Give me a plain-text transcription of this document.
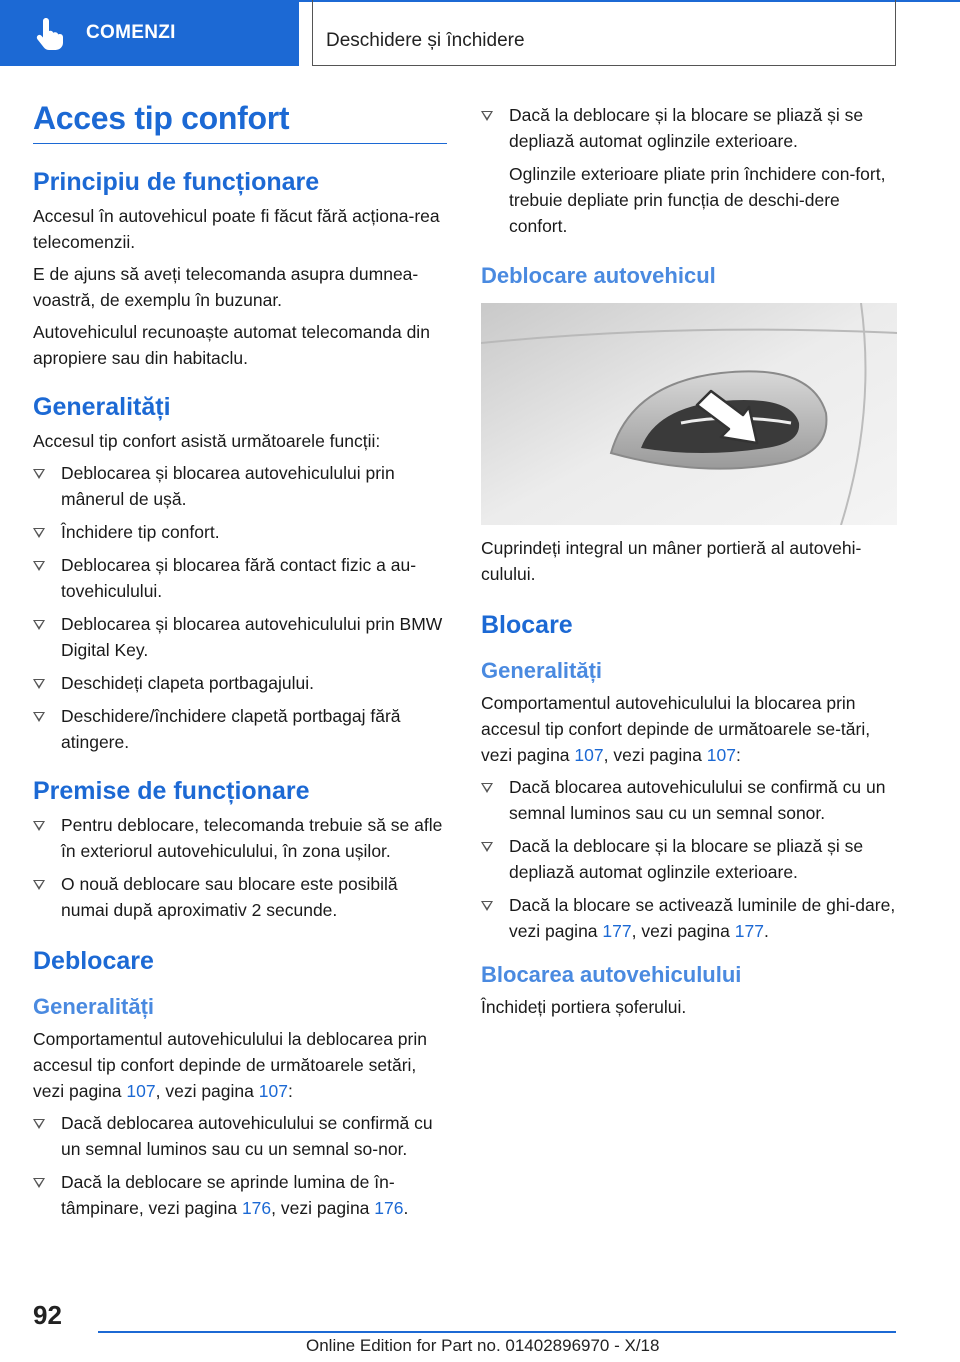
COMENZI	Deschidere și închidere
Acces tip confort
Principiu de funcționare

Accesul în autovehicul poate fi făcut fără acționa-rea telecomenzii.

E de ajuns să aveți telecomanda asupra dumnea-voastră, de exemplu în buzunar.

Autovehiculul recunoaște automat telecomanda din apropiere sau din habitaclu.

Generalități

Accesul tip confort asistă următoarele funcții:

Deblocarea și blocarea autovehiculului prin mânerul de ușă.
Închidere tip confort.
Deblocarea și blocarea fără contact fizic a au-tovehiculului.
Deblocarea și blocarea autovehiculului prin BMW Digital Key.
Deschideți clapeta portbagajului.
Deschidere/închidere clapetă portbagaj fără atingere.
Premise de funcționare
Pentru deblocare, telecomanda trebuie să se afle în exteriorul autovehiculului, în zona ușilor.
O nouă deblocare sau blocare este posibilă numai după aproximativ 2 secunde.
Deblocare
Generalități

Comportamentul autovehiculului la deblocarea prin accesul tip confort depinde de următoarele setări, vezi pagina 107, vezi pagina 107:

Dacă deblocarea autovehiculului se confirmă cu un semnal luminos sau cu un semnal so-nor.
Dacă la deblocare se aprinde lumina de în-tâmpinare, vezi pagina 176, vezi pagina 176.
Dacă la deblocare și la blocare se pliază și se depliază automat oglinzile exterioare.
Oglinzile exterioare pliate prin închidere con-fort, trebuie depliate prin funcția de deschi-dere confort.
Deblocare autovehicul

Cuprindeți integral un mâner portieră al autovehi-culului.

Blocare
Generalități

Comportamentul autovehiculului la blocarea prin accesul tip confort depinde de următoarele se-tări, vezi pagina 107, vezi pagina 107:

Dacă blocarea autovehiculului se confirmă cu un semnal luminos sau cu un semnal sonor.
Dacă la deblocare și la blocare se pliază și se depliază automat oglinzile exterioare.
Dacă la blocare se activează luminile de ghi-dare, vezi pagina 177, vezi pagina 177.
Blocarea autovehiculului

Închideți portiera șoferului.

92
Online Edition for Part no. 01402896970 - X/18
